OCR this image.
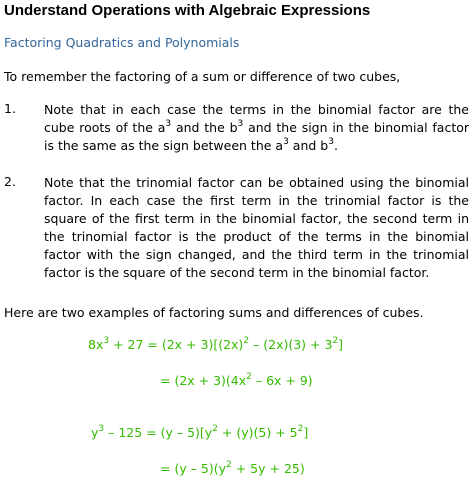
Understand Operations with Algebraic Expressions
Factoring Quadratics and Polynomials
To remember the factoring of a sum or difference of two cubes,
1. Note that in each case the terms in the binomial factor are the cube roots of the $a^3$ and the $b^3$ and the sign in the binomial factor is the same as the sign between the $a^3$ and $b^3$.
2. Note that the trinomial factor can be obtained using the binomial factor. In each case the first term in the trinomial factor is the square of the first term in the binomial factor, the second term in the trinomial factor is the product of the terms in the binomial factor with the sign changed, and the third term in the trinomial factor is the square of the second term in the binomial factor.
Here are two examples of factoring sums and differences of cubes.
$8x^3 + 27 = (2x + 3)[(2x)^2 - (2x)(3) + 3^2]$
= $(2x + 3)(4x^2 - 6x + 9)$
$y^3 - 125 = (y - 5)[y^2 + (y)(5) + 5^2]$
= $(y - 5)(y^2 + 5y + 25)$
